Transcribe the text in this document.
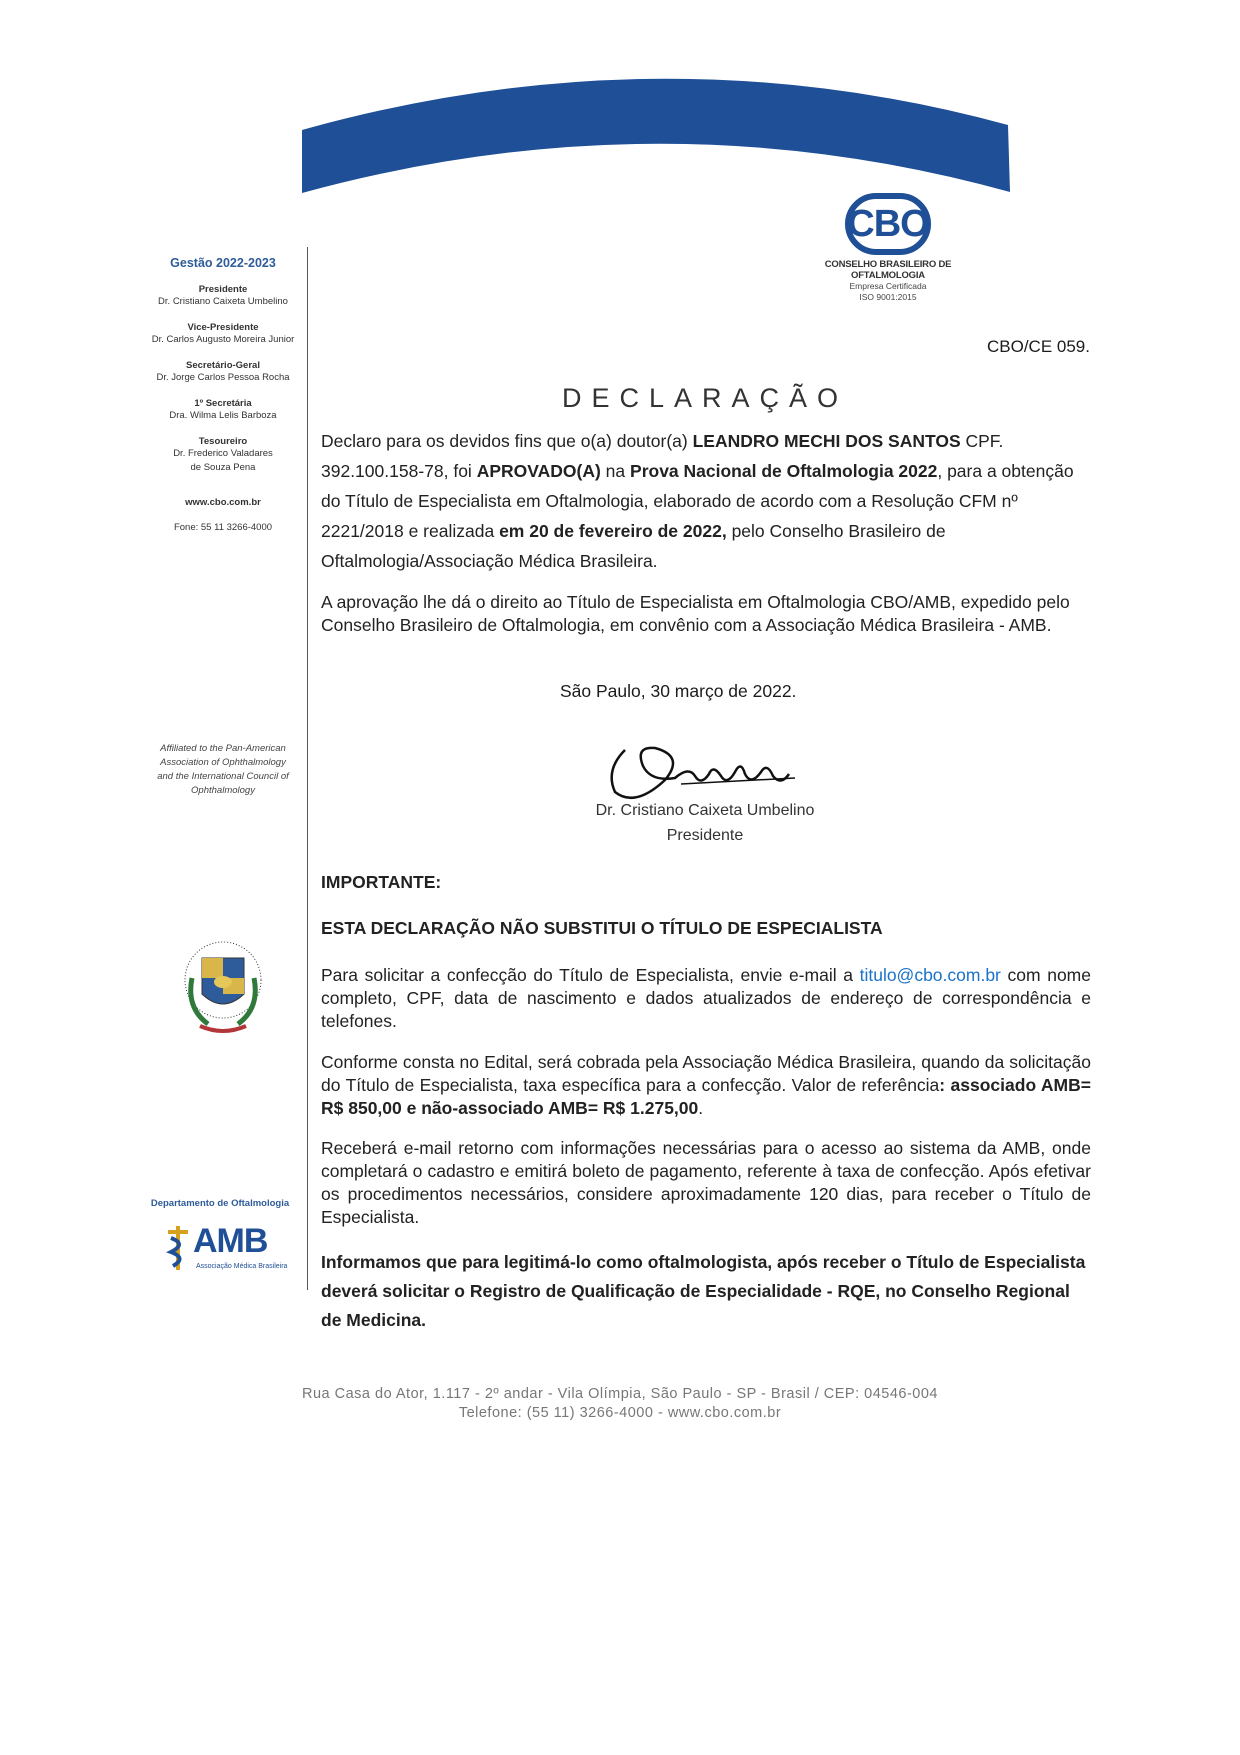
CBO
CONSELHO BRASILEIRO DE OFTALMOLOGIA
Empresa Certificada
ISO 9001:2015
CBO/CE 059.
Gestão 2022-2023
Presidente
Dr. Cristiano Caixeta Umbelino
Vice-Presidente
Dr. Carlos Augusto Moreira Junior
Secretário-Geral
Dr. Jorge Carlos Pessoa Rocha
1º Secretária
Dra. Wilma Lelis Barboza
Tesoureiro
Dr. Frederico Valadares
de Souza Pena
www.cbo.com.br
Fone: 55 11 3266-4000
Affiliated to the Pan-American
Association of Ophthalmology
and the International Council of
Ophthalmology
Departamento de Oftalmologia
AMB
Associação Médica Brasileira
DECLARAÇÃO
Declaro para os devidos fins que o(a) doutor(a) LEANDRO MECHI DOS SANTOS CPF. 392.100.158-78, foi APROVADO(A) na Prova Nacional de Oftalmologia 2022, para a obtenção do Título de Especialista em Oftalmologia, elaborado de acordo com a Resolução CFM nº 2221/2018 e realizada em 20 de fevereiro de 2022, pelo Conselho Brasileiro de Oftalmologia/Associação Médica Brasileira.
A aprovação lhe dá o direito ao Título de Especialista em Oftalmologia CBO/AMB, expedido pelo Conselho Brasileiro de Oftalmologia, em convênio com a Associação Médica Brasileira - AMB.
São Paulo, 30 março de 2022.
Dr. Cristiano Caixeta Umbelino
Presidente
IMPORTANTE:
ESTA DECLARAÇÃO NÃO SUBSTITUI O TÍTULO DE ESPECIALISTA
Para solicitar a confecção do Título de Especialista, envie e-mail a titulo@cbo.com.br com nome completo, CPF, data de nascimento e dados atualizados de endereço de correspondência e telefones.
Conforme consta no Edital, será cobrada pela Associação Médica Brasileira, quando da solicitação do Título de Especialista, taxa específica para a confecção. Valor de referência: associado AMB= R$ 850,00 e não-associado AMB= R$ 1.275,00.
Receberá e-mail retorno com informações necessárias para o acesso ao sistema da AMB, onde completará o cadastro e emitirá boleto de pagamento, referente à taxa de confecção. Após efetivar os procedimentos necessários, considere aproximadamente 120 dias, para receber o Título de Especialista.
Informamos que para legitimá-lo como oftalmologista, após receber o Título de Especialista deverá solicitar o Registro de Qualificação de Especialidade - RQE, no Conselho Regional de Medicina.
Rua Casa do Ator, 1.117 - 2º andar - Vila Olímpia, São Paulo - SP - Brasil / CEP: 04546-004
Telefone: (55 11) 3266-4000 - www.cbo.com.br
